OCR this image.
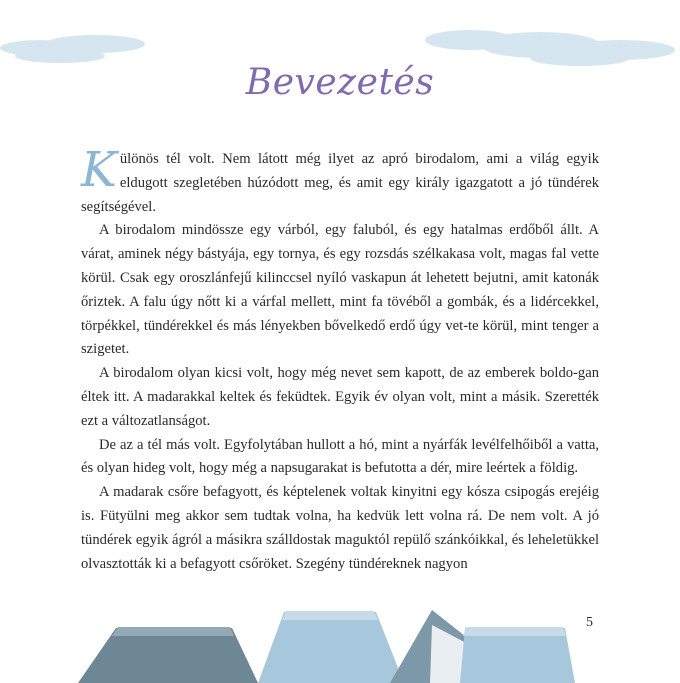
Bevezetés

Különös tél volt. Nem látott még ilyet az apró birodalom, ami a világ egyik eldugott szegletében húzódott meg, és amit egy király igazgatott a jó tündérek segítségével.

A birodalom mindössze egy várból, egy faluból, és egy hatalmas erdőből állt. A várat, aminek négy bástyája, egy tornya, és egy rozsdás szélkakasa volt, magas fal vette körül. Csak egy oroszlánfejű kilinccsel nyíló vaskapun át lehetett bejutni, amit katonák őriztek. A falu úgy nőtt ki a várfal mellett, mint fa tövéből a gombák, és a lidércekkel, törpékkel, tündérekkel és más lényekben bővelkedő erdő úgy vet-te körül, mint tenger a szigetet.

A birodalom olyan kicsi volt, hogy még nevet sem kapott, de az emberek boldo-gan éltek itt. A madarakkal keltek és feküdtek. Egyik év olyan volt, mint a másik. Szerették ezt a változatlanságot.

De az a tél más volt. Egyfolytában hullott a hó, mint a nyárfák levélfelhőiből a vatta, és olyan hideg volt, hogy még a napsugarakat is befutotta a dér, mire leértek a földig.

A madarak csőre befagyott, és képtelenek voltak kinyitni egy kósza csipogás erejéig is. Fütyülni meg akkor sem tudtak volna, ha kedvük lett volna rá. De nem volt. A jó tündérek egyik ágról a másikra szálldostak maguktól repülő szánkóikkal, és leheletükkel olvasztották ki a befagyott csőröket. Szegény tündéreknek nagyon

5
